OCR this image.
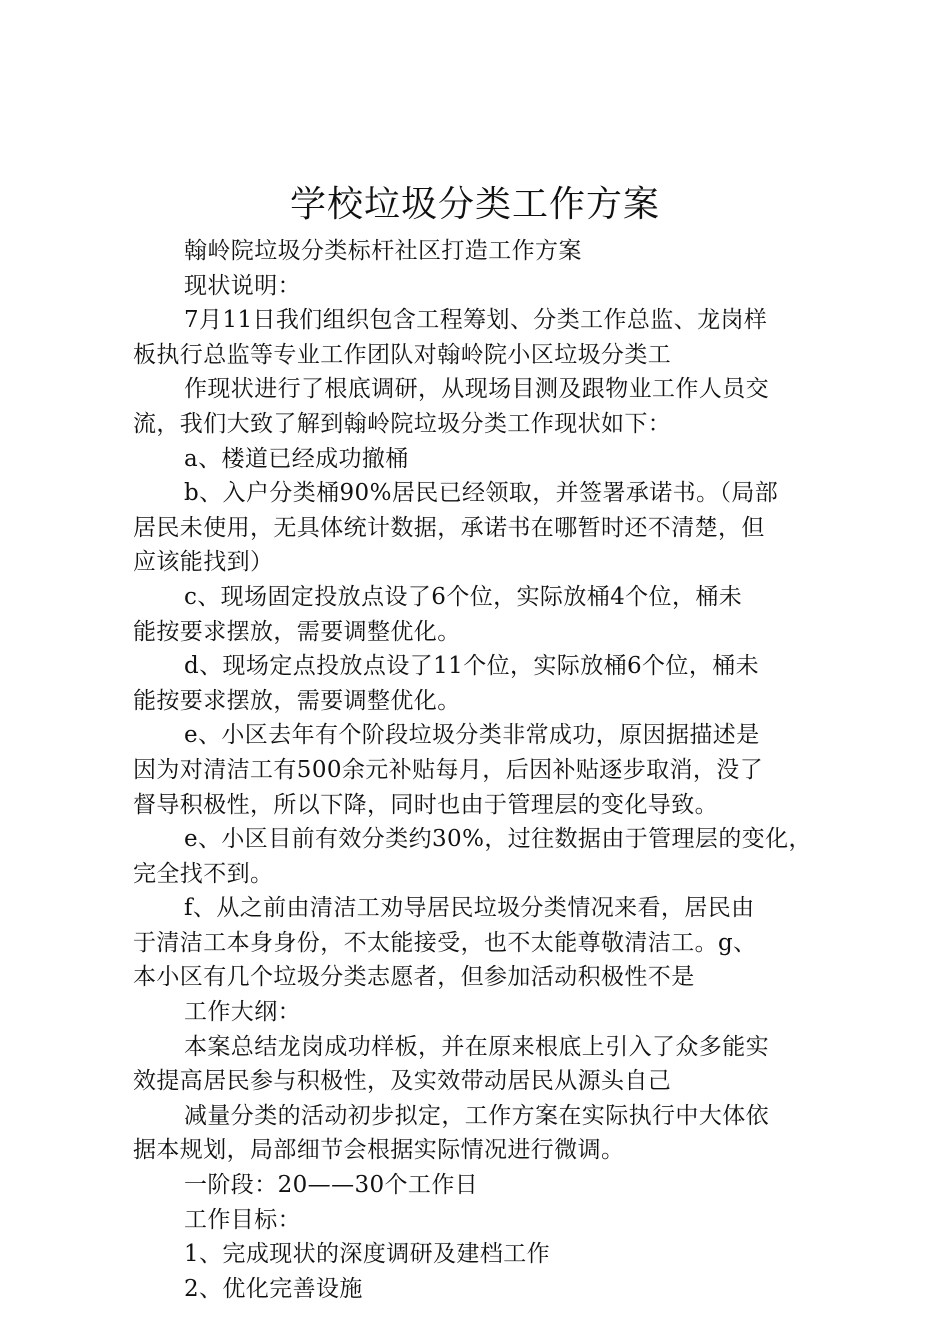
学校垃圾分类工作方案

翰岭院垃圾分类标杆社区打造工作方案

现状说明：

7月11日我们组织包含工程筹划、分类工作总监、龙岗样

板执行总监等专业工作团队对翰岭院小区垃圾分类工

作现状进行了根底调研，从现场目测及跟物业工作人员交

流，我们大致了解到翰岭院垃圾分类工作现状如下：

a、楼道已经成功撤桶

b、入户分类桶90%居民已经领取，并签署承诺书。（局部

居民未使用，无具体统计数据，承诺书在哪暂时还不清楚，但

应该能找到）

c、现场固定投放点设了6个位，实际放桶4个位，桶未

能按要求摆放，需要调整优化。

d、现场定点投放点设了11个位，实际放桶6个位，桶未

能按要求摆放，需要调整优化。

e、小区去年有个阶段垃圾分类非常成功，原因据描述是

因为对清洁工有500余元补贴每月，后因补贴逐步取消，没了

督导积极性，所以下降，同时也由于管理层的变化导致。

e、小区目前有效分类约30%，过往数据由于管理层的变化，

完全找不到。

f、从之前由清洁工劝导居民垃圾分类情况来看，居民由

于清洁工本身身份，不太能接受，也不太能尊敬清洁工。g、

本小区有几个垃圾分类志愿者，但参加活动积极性不是

工作大纲：

本案总结龙岗成功样板，并在原来根底上引入了众多能实

效提高居民参与积极性，及实效带动居民从源头自己

减量分类的活动初步拟定，工作方案在实际执行中大体依

据本规划，局部细节会根据实际情况进行微调。

一阶段：20——30个工作日

工作目标：

1、完成现状的深度调研及建档工作

2、优化完善设施
